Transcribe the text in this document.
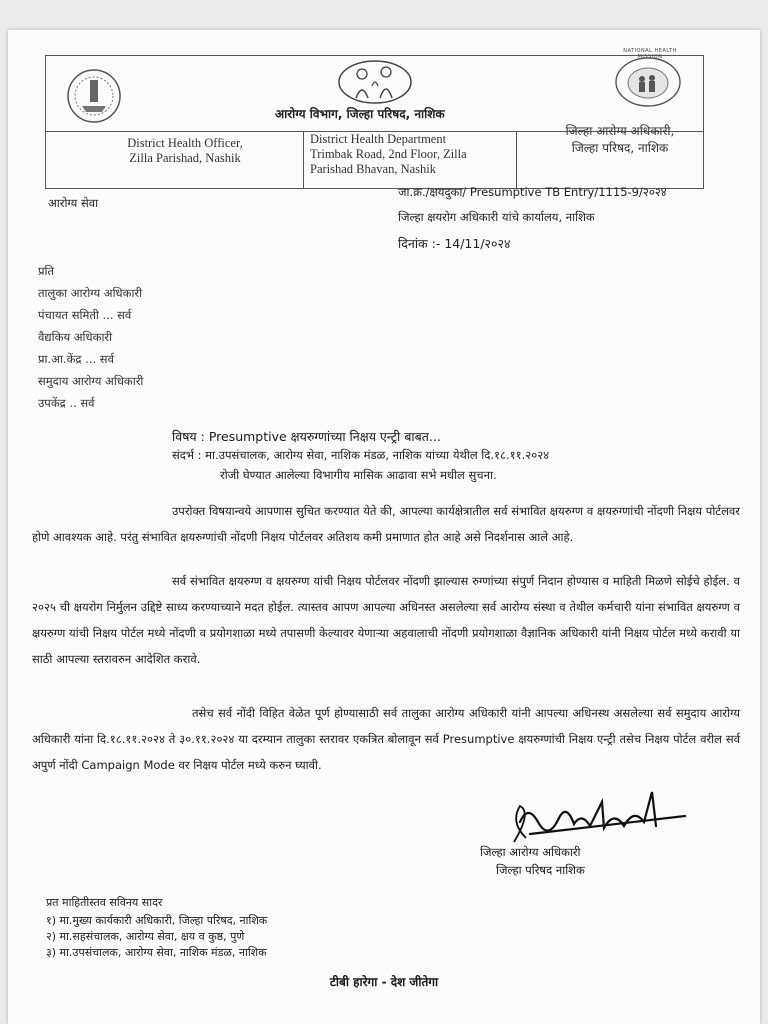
NATIONAL HEALTH MISSION
आरोग्य विभाग, जिल्हा परिषद, नाशिक
District Health Officer,
Zilla Parishad, Nashik
District Health Department
Trimbak Road, 2nd Floor, Zilla
Parishad Bhavan, Nashik
जिल्हा आरोग्य अधिकारी,
जिल्हा परिषद, नाशिक
आरोग्य सेवा
जा.क्र./क्षयदुका/ Presumptive TB Entry/1115-9/२०२४
जिल्हा क्षयरोग अधिकारी यांचे कार्यालय, नाशिक
दिनांक :- 14/11/२०२४
प्रति
तालुका आरोग्य अधिकारी
पंचायत समिती ... सर्व
वैद्यकिय अधिकारी
प्रा.आ.केंद्र ... सर्व
समुदाय आरोग्य अधिकारी
उपकेंद्र .. सर्व
विषय : Presumptive क्षयरुग्णांच्या निक्षय एन्ट्री बाबत...
संदर्भ : मा.उपसंचालक, आरोग्य सेवा, नाशिक मंडळ, नाशिक यांच्या येथील दि.१८.११.२०२४
रोजी घेण्यात आलेल्या विभागीय मासिक आढावा सभे मधील सुचना.
उपरोक्त विषयान्वये आपणास सुचित करण्यात येते की, आपल्या कार्यक्षेत्रातील सर्व संभावित क्षयरुग्ण व क्षयरुग्णांची नोंदणी निक्षय पोर्टलवर होणे आवश्यक आहे. परंतु संभावित क्षयरुग्णांची नोंदणी निक्षय पोर्टलवर अतिशय कमी प्रमाणात होत आहे असे निदर्शनास आले आहे.
सर्व संभावित क्षयरुग्ण व क्षयरुग्ण यांची निक्षय पोर्टलवर नोंदणी झाल्यास रुग्णांच्या संपुर्ण निदान होण्यास व माहिती मिळणे सोईचे होईल. व २०२५ ची क्षयरोग निर्मुलन उद्दिष्टे साध्य करण्याच्याने मदत होईल. त्यास्तव आपण आपल्या अधिनस्त असलेल्या सर्व आरोग्य संस्था व तेथील कर्मचारी यांना संभावित क्षयरुग्ण व क्षयरुग्ण यांची निक्षय पोर्टल मध्ये नोंदणी व प्रयोगशाळा मध्ये तपासणी केल्यावर येणाऱ्या अहवालाची नोंदणी प्रयोगशाळा वैज्ञानिक अधिकारी यांनी निक्षय पोर्टल मध्ये करावी या साठी आपल्या स्तरावरुन आदेशित करावे.
तसेच सर्व नोंदी विहित वेळेत पूर्ण होण्यासाठी सर्व तालुका आरोग्य अधिकारी यांनी आपल्या अधिनस्थ असलेल्या सर्व समुदाय आरोग्य अधिकारी यांना दि.१८.११.२०२४ ते ३०.११.२०२४ या दरम्यान तालुका स्तरावर एकत्रित बोलावून सर्व Presumptive क्षयरुग्णांची निक्षय एन्ट्री तसेच निक्षय पोर्टल वरील सर्व अपुर्ण नोंदी Campaign Mode वर निक्षय पोर्टल मध्ये करुन घ्यावी.
जिल्हा आरोग्य अधिकारी
जिल्हा परिषद नाशिक
प्रत माहितीस्तव सविनय सादर
१) मा.मुख्य कार्यकारी अधिकारी, जिल्हा परिषद, नाशिक
२) मा.सहसंचालक, आरोग्य सेवा, क्षय व कुष्ठ, पुणे
३) मा.उपसंचालक, आरोग्य सेवा, नाशिक मंडळ, नाशिक
टीबी हारेगा - देश जीतेगा
